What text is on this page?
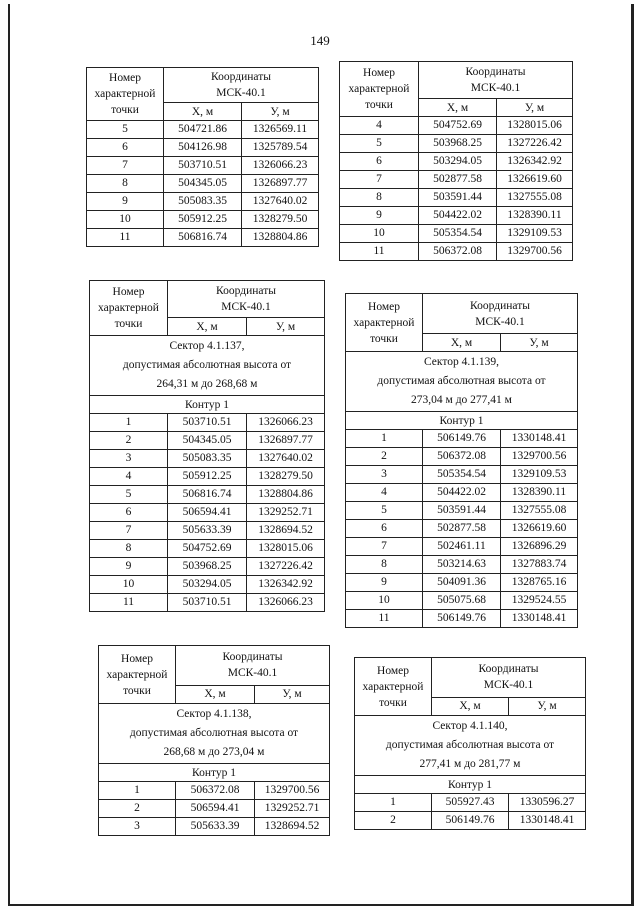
149
Номер
характерной
точки	Координаты
МСК-40.1	
	X, м	У, м
5	504721.86	1326569.11
6	504126.98	1325789.54
7	503710.51	1326066.23
8	504345.05	1326897.77
9	505083.35	1327640.02
10	505912.25	1328279.50
11	506816.74	1328804.86
Номер
характерной
точки	Координаты
МСК-40.1	
	X, м	У, м
4	504752.69	1328015.06
5	503968.25	1327226.42
6	503294.05	1326342.92
7	502877.58	1326619.60
8	503591.44	1327555.08
9	504422.02	1328390.11
10	505354.54	1329109.53
11	506372.08	1329700.56
Номер
характерной
точки	Координаты
МСК-40.1	
	X, м	У, м
Сектор 4.1.137,
допустимая абсолютная высота от
264,31 м до 268,68 м		
Контур 1		
1	503710.51	1326066.23
2	504345.05	1326897.77
3	505083.35	1327640.02
4	505912.25	1328279.50
5	506816.74	1328804.86
6	506594.41	1329252.71
7	505633.39	1328694.52
8	504752.69	1328015.06
9	503968.25	1327226.42
10	503294.05	1326342.92
11	503710.51	1326066.23
Номер
характерной
точки	Координаты
МСК-40.1	
	X, м	У, м
Сектор 4.1.139,
допустимая абсолютная высота от
273,04 м до 277,41 м		
Контур 1		
1	506149.76	1330148.41
2	506372.08	1329700.56
3	505354.54	1329109.53
4	504422.02	1328390.11
5	503591.44	1327555.08
6	502877.58	1326619.60
7	502461.11	1326896.29
8	503214.63	1327883.74
9	504091.36	1328765.16
10	505075.68	1329524.55
11	506149.76	1330148.41
Номер
характерной
точки	Координаты
МСК-40.1	
	X, м	У, м
Сектор 4.1.138,
допустимая абсолютная высота от
268,68 м до 273,04 м		
Контур 1		
1	506372.08	1329700.56
2	506594.41	1329252.71
3	505633.39	1328694.52
Номер
характерной
точки	Координаты
МСК-40.1	
	X, м	У, м
Сектор 4.1.140,
допустимая абсолютная высота от
277,41 м до 281,77 м		
Контур 1		
1	505927.43	1330596.27
2	506149.76	1330148.41
